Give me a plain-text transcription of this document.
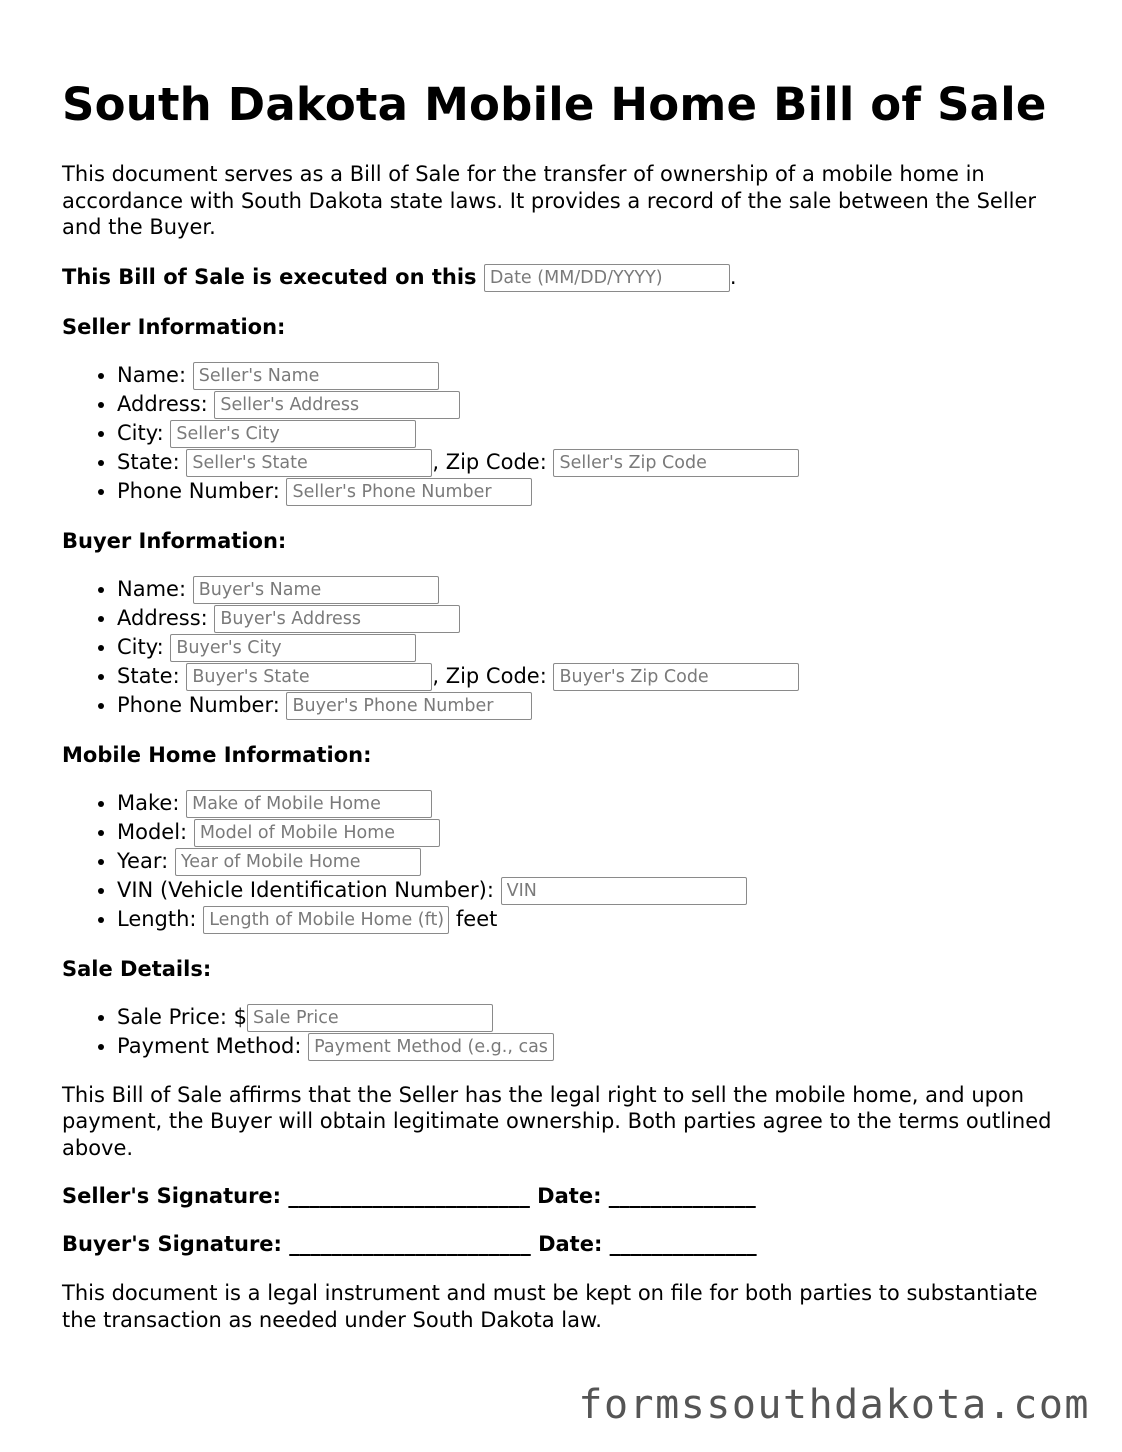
South Dakota Mobile Home Bill of Sale

This document serves as a Bill of Sale for the transfer of ownership of a mobile home in accordance with South Dakota state laws. It provides a record of the sale between the Seller and the Buyer.

This Bill of Sale is executed on this Date (MM/DD/YYYY)	.

Seller Information:
• Name: Seller's Name
• Address: Seller's Address
• City: Seller's City
• State: Seller's State	, Zip Code: Seller's Zip Code
• Phone Number: Seller's Phone Number
Buyer Information:
• Name: Buyer's Name
• Address: Buyer's Address
• City: Buyer's City
• State: Buyer's State	, Zip Code: Buyer's Zip Code
• Phone Number: Buyer's Phone Number
Mobile Home Information:
• Make: Make of Mobile Home
• Model: Model of Mobile Home
• Year: Year of Mobile Home
• VIN (Vehicle Identification Number): VIN
• Length: Length of Mobile Home (ft)	feet
Sale Details:
• Sale Price: $Sale Price
• Payment Method: Payment Method (e.g., cash

This Bill of Sale affirms that the Seller has the legal right to sell the mobile home, and upon payment, the Buyer will obtain legitimate ownership. Both parties agree to the terms outlined above.

Seller's Signature: _______________________ Date: ______________

Buyer's Signature: _______________________ Date: ______________

This document is a legal instrument and must be kept on file for both parties to substantiate the transaction as needed under South Dakota law.

formssouthdakota.com
